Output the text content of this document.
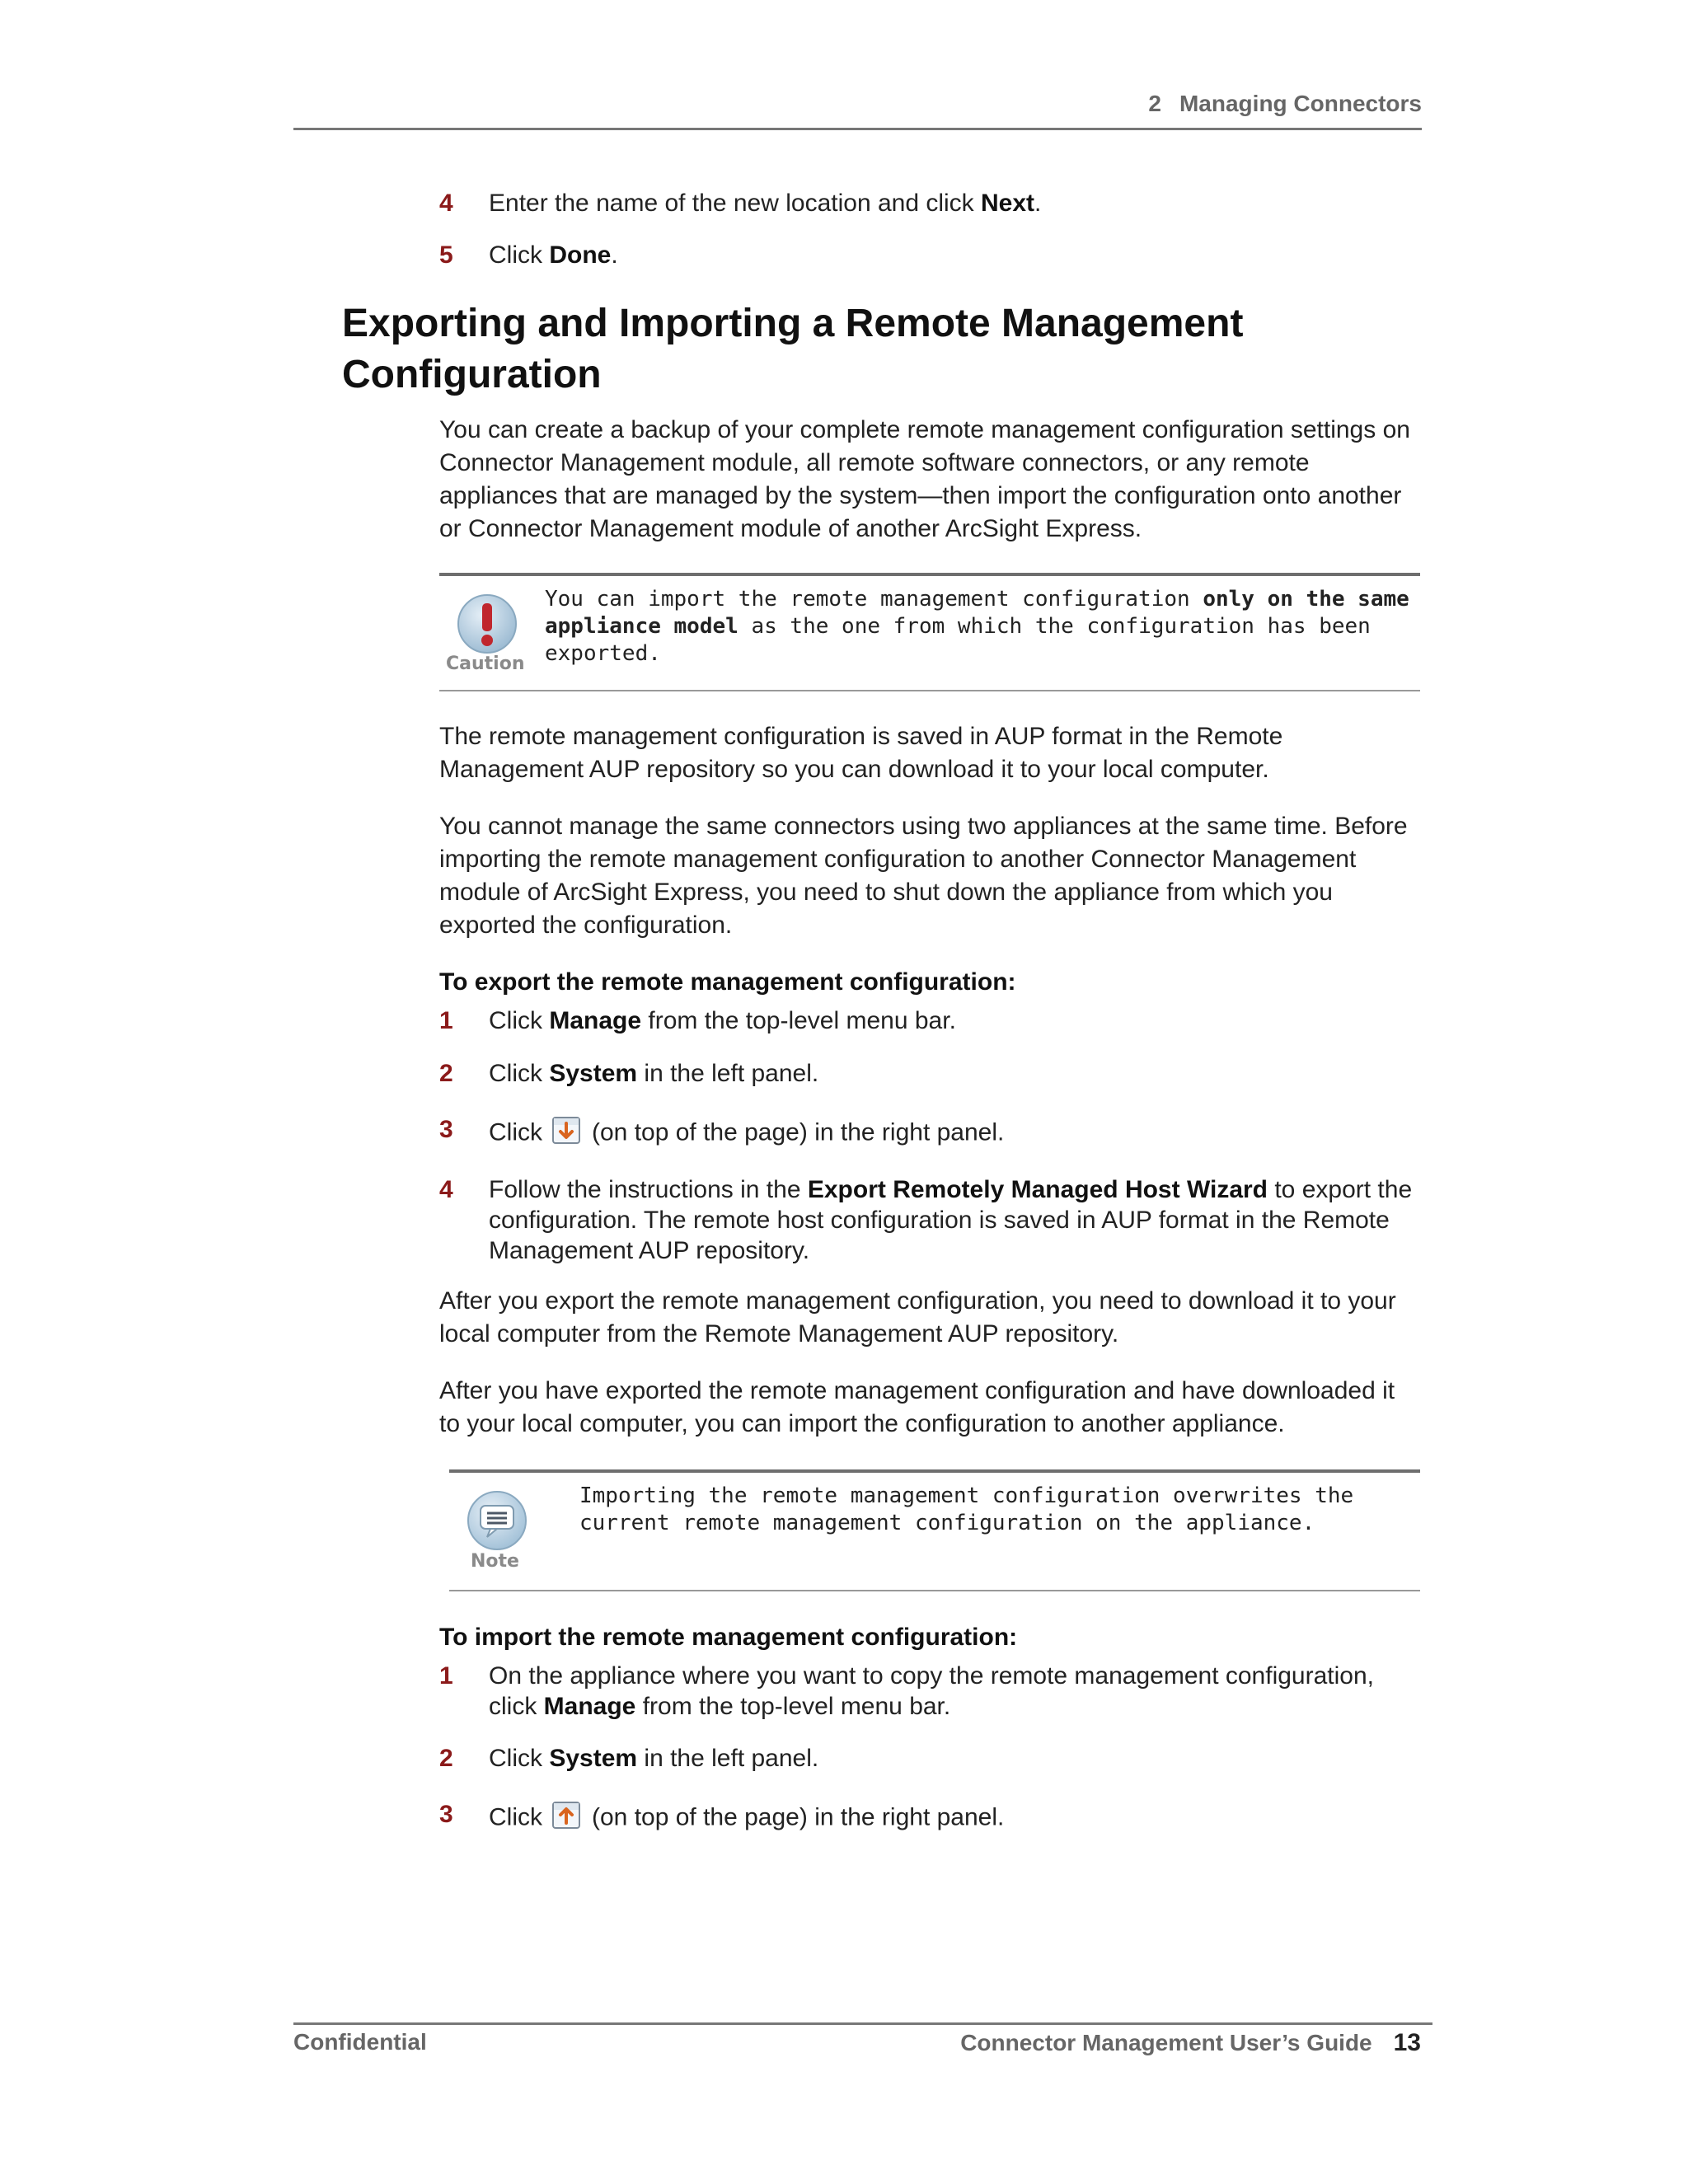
2 Managing Connectors
4 Enter the name of the new location and click Next.
5 Click Done.
Exporting and Importing a Remote Management Configuration
You can create a backup of your complete remote management configuration settings on Connector Management module, all remote software connectors, or any remote appliances that are managed by the system—then import the configuration onto another or Connector Management module of another ArcSight Express.
Caution
You can import the remote management configuration only on the same appliance model as the one from which the configuration has been exported.
The remote management configuration is saved in AUP format in the Remote Management AUP repository so you can download it to your local computer.
You cannot manage the same connectors using two appliances at the same time. Before importing the remote management configuration to another Connector Management module of ArcSight Express, you need to shut down the appliance from which you exported the configuration.
To export the remote management configuration:
1 Click Manage from the top-level menu bar.
2 Click System in the left panel.
3 Click (on top of the page) in the right panel.
4 Follow the instructions in the Export Remotely Managed Host Wizard to export the configuration. The remote host configuration is saved in AUP format in the Remote Management AUP repository.
After you export the remote management configuration, you need to download it to your local computer from the Remote Management AUP repository.
After you have exported the remote management configuration and have downloaded it to your local computer, you can import the configuration to another appliance.
Note
Importing the remote management configuration overwrites the current remote management configuration on the appliance.
To import the remote management configuration:
1 On the appliance where you want to copy the remote management configuration, click Manage from the top-level menu bar.
2 Click System in the left panel.
3 Click (on top of the page) in the right panel.
Confidential	Connector Management User’s Guide 13
